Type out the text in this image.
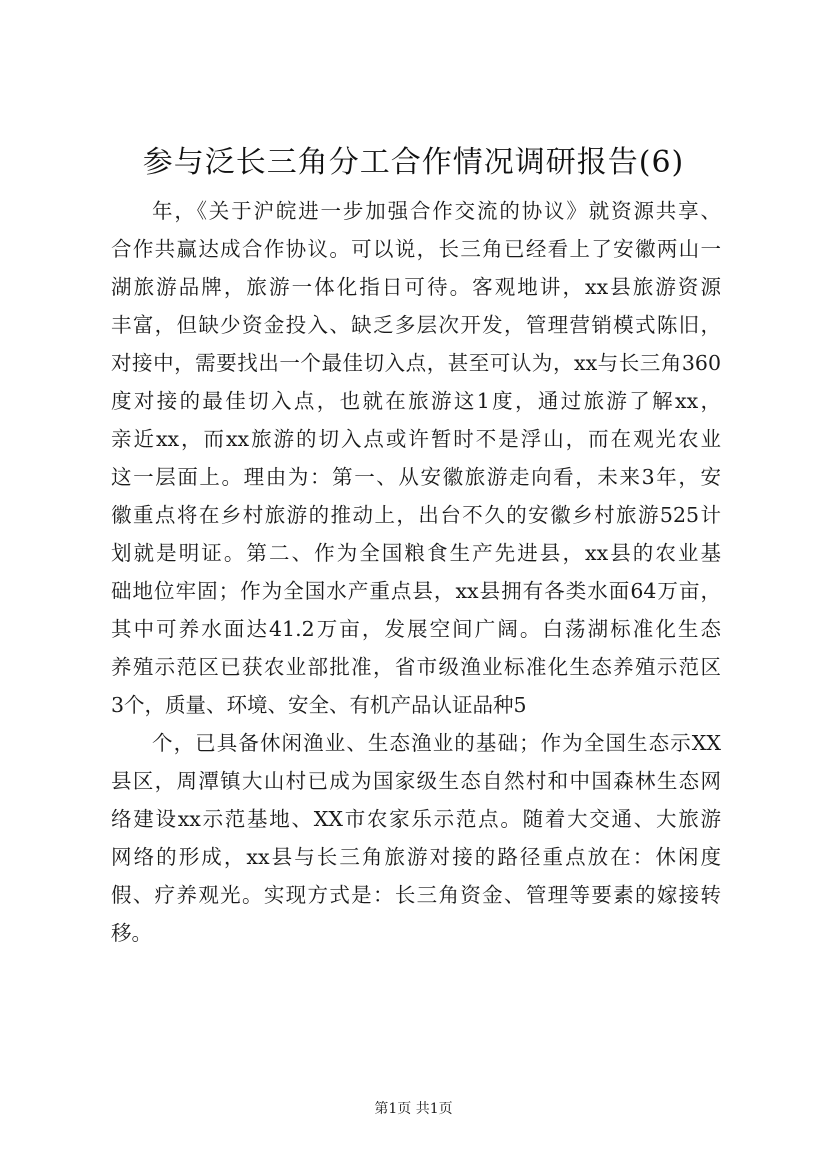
参与泛长三角分工合作情况调研报告(6)
年，《关于沪皖进一步加强合作交流的协议》就资源共享、
合作共赢达成合作协议。可以说，长三角已经看上了安徽两山一
湖旅游品牌，旅游一体化指日可待。客观地讲，xx县旅游资源
丰富，但缺少资金投入、缺乏多层次开发，管理营销模式陈旧，
对接中，需要找出一个最佳切入点，甚至可认为，xx与长三角360
度对接的最佳切入点，也就在旅游这1度，通过旅游了解xx，
亲近xx，而xx旅游的切入点或许暂时不是浮山，而在观光农业
这一层面上。理由为：第一、从安徽旅游走向看，未来3年，安
徽重点将在乡村旅游的推动上，出台不久的安徽乡村旅游525计
划就是明证。第二、作为全国粮食生产先进县，xx县的农业基
础地位牢固；作为全国水产重点县，xx县拥有各类水面64万亩，
其中可养水面达41.2万亩，发展空间广阔。白荡湖标准化生态
养殖示范区已获农业部批准，省市级渔业标准化生态养殖示范区
3个，质量、环境、安全、有机产品认证品种5
个，已具备休闲渔业、生态渔业的基础；作为全国生态示XX
县区，周潭镇大山村已成为国家级生态自然村和中国森林生态网
络建设xx示范基地、XX市农家乐示范点。随着大交通、大旅游
网络的形成，xx县与长三角旅游对接的路径重点放在：休闲度
假、疗养观光。实现方式是：长三角资金、管理等要素的嫁接转
移。
第1页 共1页
